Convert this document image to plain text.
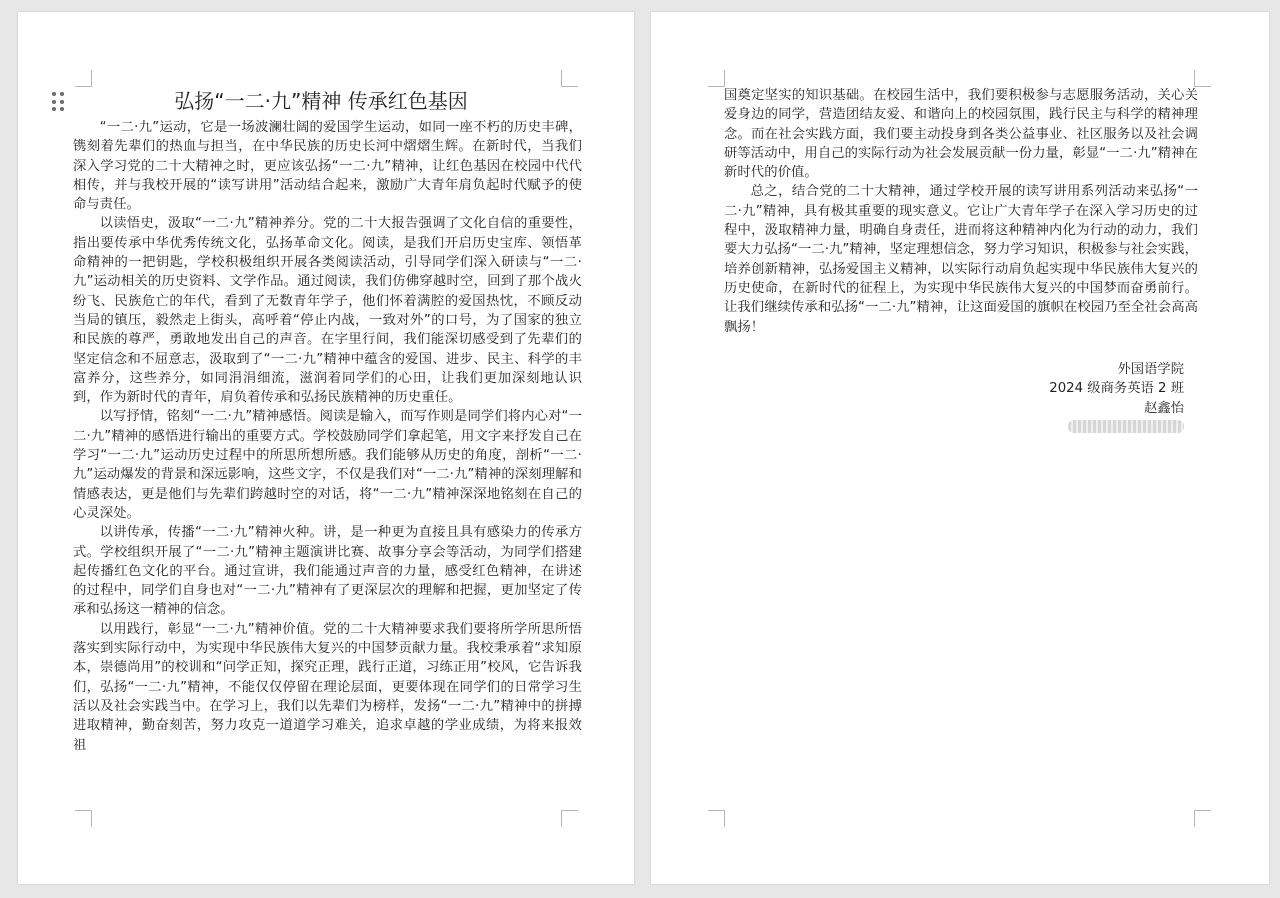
弘扬“一二·九”精神 传承红色基因

“一二·九”运动，它是一场波澜壮阔的爱国学生运动，如同一座不朽的历史丰碑，镌刻着先辈们的热血与担当，在中华民族的历史长河中熠熠生辉。在新时代，当我们深入学习党的二十大精神之时，更应该弘扬“一二·九”精神，让红色基因在校园中代代相传，并与我校开展的“读写讲用”活动结合起来，激励广大青年肩负起时代赋予的使命与责任。

以读悟史，汲取“一二·九”精神养分。党的二十大报告强调了文化自信的重要性，指出要传承中华优秀传统文化，弘扬革命文化。阅读，是我们开启历史宝库、领悟革命精神的一把钥匙，学校积极组织开展各类阅读活动，引导同学们深入研读与“一二·九”运动相关的历史资料、文学作品。通过阅读，我们仿佛穿越时空，回到了那个战火纷飞、民族危亡的年代，看到了无数青年学子，他们怀着满腔的爱国热忱，不顾反动当局的镇压，毅然走上街头，高呼着“停止内战，一致对外”的口号，为了国家的独立和民族的尊严，勇敢地发出自己的声音。在字里行间，我们能深切感受到了先辈们的坚定信念和不屈意志，汲取到了“一二·九”精神中蕴含的爱国、进步、民主、科学的丰富养分，这些养分，如同涓涓细流，滋润着同学们的心田，让我们更加深刻地认识到，作为新时代的青年，肩负着传承和弘扬民族精神的历史重任。

以写抒情，铭刻“一二·九”精神感悟。阅读是输入，而写作则是同学们将内心对“一二·九”精神的感悟进行输出的重要方式。学校鼓励同学们拿起笔，用文字来抒发自己在学习“一二·九”运动历史过程中的所思所想所感。我们能够从历史的角度，剖析“一二·九”运动爆发的背景和深远影响，这些文字，不仅是我们对“一二·九”精神的深刻理解和情感表达，更是他们与先辈们跨越时空的对话，将“一二·九”精神深深地铭刻在自己的心灵深处。

以讲传承，传播“一二·九”精神火种。讲，是一种更为直接且具有感染力的传承方式。学校组织开展了“一二·九”精神主题演讲比赛、故事分享会等活动，为同学们搭建起传播红色文化的平台。通过宣讲，我们能通过声音的力量，感受红色精神，在讲述的过程中，同学们自身也对“一二·九”精神有了更深层次的理解和把握，更加坚定了传承和弘扬这一精神的信念。

以用践行，彰显“一二·九”精神价值。党的二十大精神要求我们要将所学所思所悟落实到实际行动中，为实现中华民族伟大复兴的中国梦贡献力量。我校秉承着“求知原本，崇德尚用”的校训和“问学正知，探究正理，践行正道，习练正用”校风，它告诉我们，弘扬“一二·九”精神，不能仅仅停留在理论层面，更要体现在同学们的日常学习生活以及社会实践当中。在学习上，我们以先辈们为榜样，发扬“一二·九”精神中的拼搏进取精神，勤奋刻苦，努力攻克一道道学习难关，追求卓越的学业成绩，为将来报效祖

国奠定坚实的知识基础。在校园生活中，我们要积极参与志愿服务活动，关心关爱身边的同学，营造团结友爱、和谐向上的校园氛围，践行民主与科学的精神理念。而在社会实践方面，我们要主动投身到各类公益事业、社区服务以及社会调研等活动中，用自己的实际行动为社会发展贡献一份力量，彰显“一二·九”精神在新时代的价值。

总之，结合党的二十大精神，通过学校开展的读写讲用系列活动来弘扬“一二·九”精神，具有极其重要的现实意义。它让广大青年学子在深入学习历史的过程中，汲取精神力量，明确自身责任，进而将这种精神内化为行动的动力，我们要大力弘扬“一二·九”精神，坚定理想信念，努力学习知识，积极参与社会实践，培养创新精神，弘扬爱国主义精神，以实际行动肩负起实现中华民族伟大复兴的历史使命，在新时代的征程上，为实现中华民族伟大复兴的中国梦而奋勇前行。让我们继续传承和弘扬“一二·九”精神，让这面爱国的旗帜在校园乃至全社会高高飘扬！

外国语学院
2024 级商务英语 2 班
赵鑫怡
